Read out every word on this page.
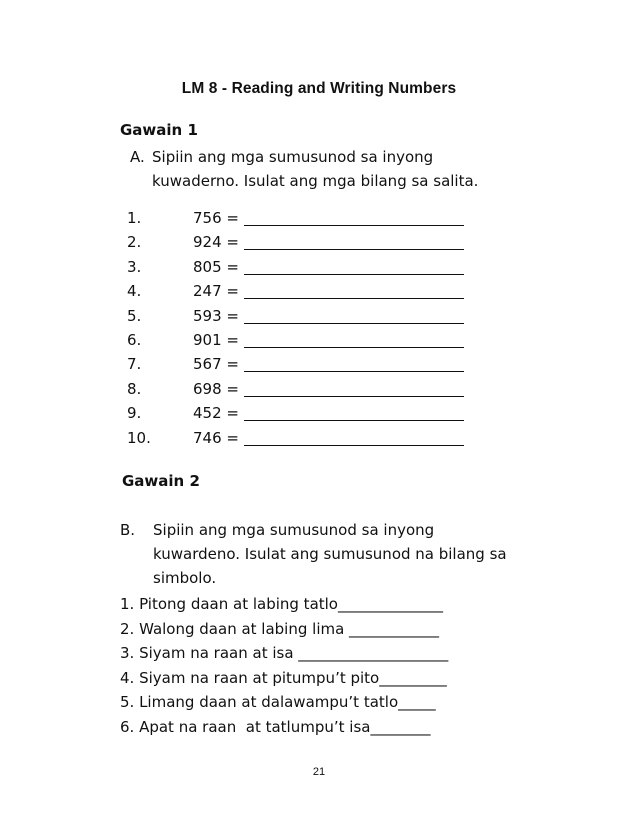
LM 8 - Reading and Writing Numbers
Gawain 1
A. Sipiin ang mga sumusunod sa inyong
kuwaderno. Isulat ang mga bilang sa salita.
1.	756 =
2.	924 =
3.	805 =
4.	247 =
5.	593 =
6.	901 =
7.	567 =
8.	698 =
9.	452 =
10.	746 =
Gawain 2
B. Sipiin ang mga sumusunod sa inyong
kuwardeno. Isulat ang sumusunod na bilang sa
simbolo.
1. Pitong daan at labing tatlo______________
2. Walong daan at labing lima ____________
3. Siyam na raan at isa ____________________
4. Siyam na raan at pitumpu’t pito_________
5. Limang daan at dalawampu’t tatlo_____
6. Apat na raan  at tatlumpu’t isa________
21
